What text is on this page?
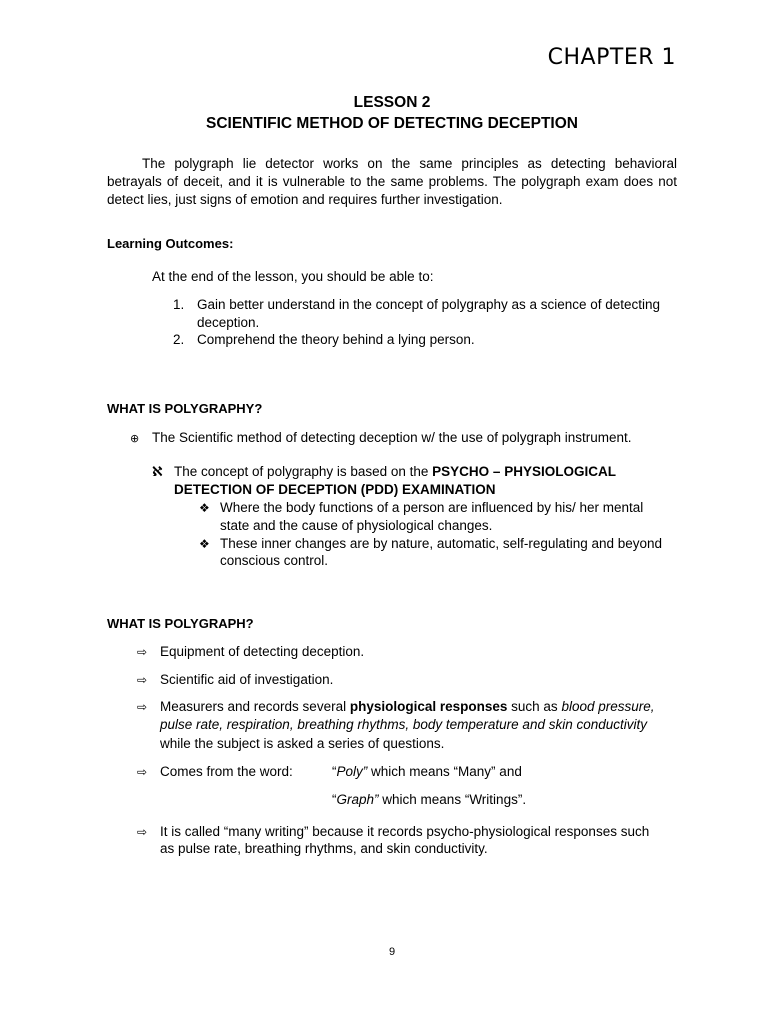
CHAPTER 1
LESSON 2
SCIENTIFIC METHOD OF DETECTING DECEPTION
The polygraph lie detector works on the same principles as detecting behavioral betrayals of deceit, and it is vulnerable to the same problems. The polygraph exam does not detect lies, just signs of emotion and requires further investigation.
Learning Outcomes:
At the end of the lesson, you should be able to:
1. Gain better understand in the concept of polygraphy as a science of detecting
deception.
2. Comprehend the theory behind a lying person.
WHAT IS POLYGRAPHY?
⊕ The Scientific method of detecting deception w/ the use of polygraph instrument.
ℵ The concept of polygraphy is based on the PSYCHO – PHYSIOLOGICAL
DETECTION OF DECEPTION (PDD) EXAMINATION
❖ Where the body functions of a person are influenced by his/ her mental
state and the cause of physiological changes.
❖ These inner changes are by nature, automatic, self-regulating and beyond
conscious control.
WHAT IS POLYGRAPH?
⇨ Equipment of detecting deception.
⇨ Scientific aid of investigation.
⇨ Measurers and records several physiological responses such as blood pressure,
pulse rate, respiration, breathing rhythms, body temperature and skin conductivity
while the subject is asked a series of questions.
⇨ Comes from the word:	“Poly” which means “Many” and
“Graph” which means “Writings”.
⇨ It is called “many writing” because it records psycho-physiological responses such
as pulse rate, breathing rhythms, and skin conductivity.
9
